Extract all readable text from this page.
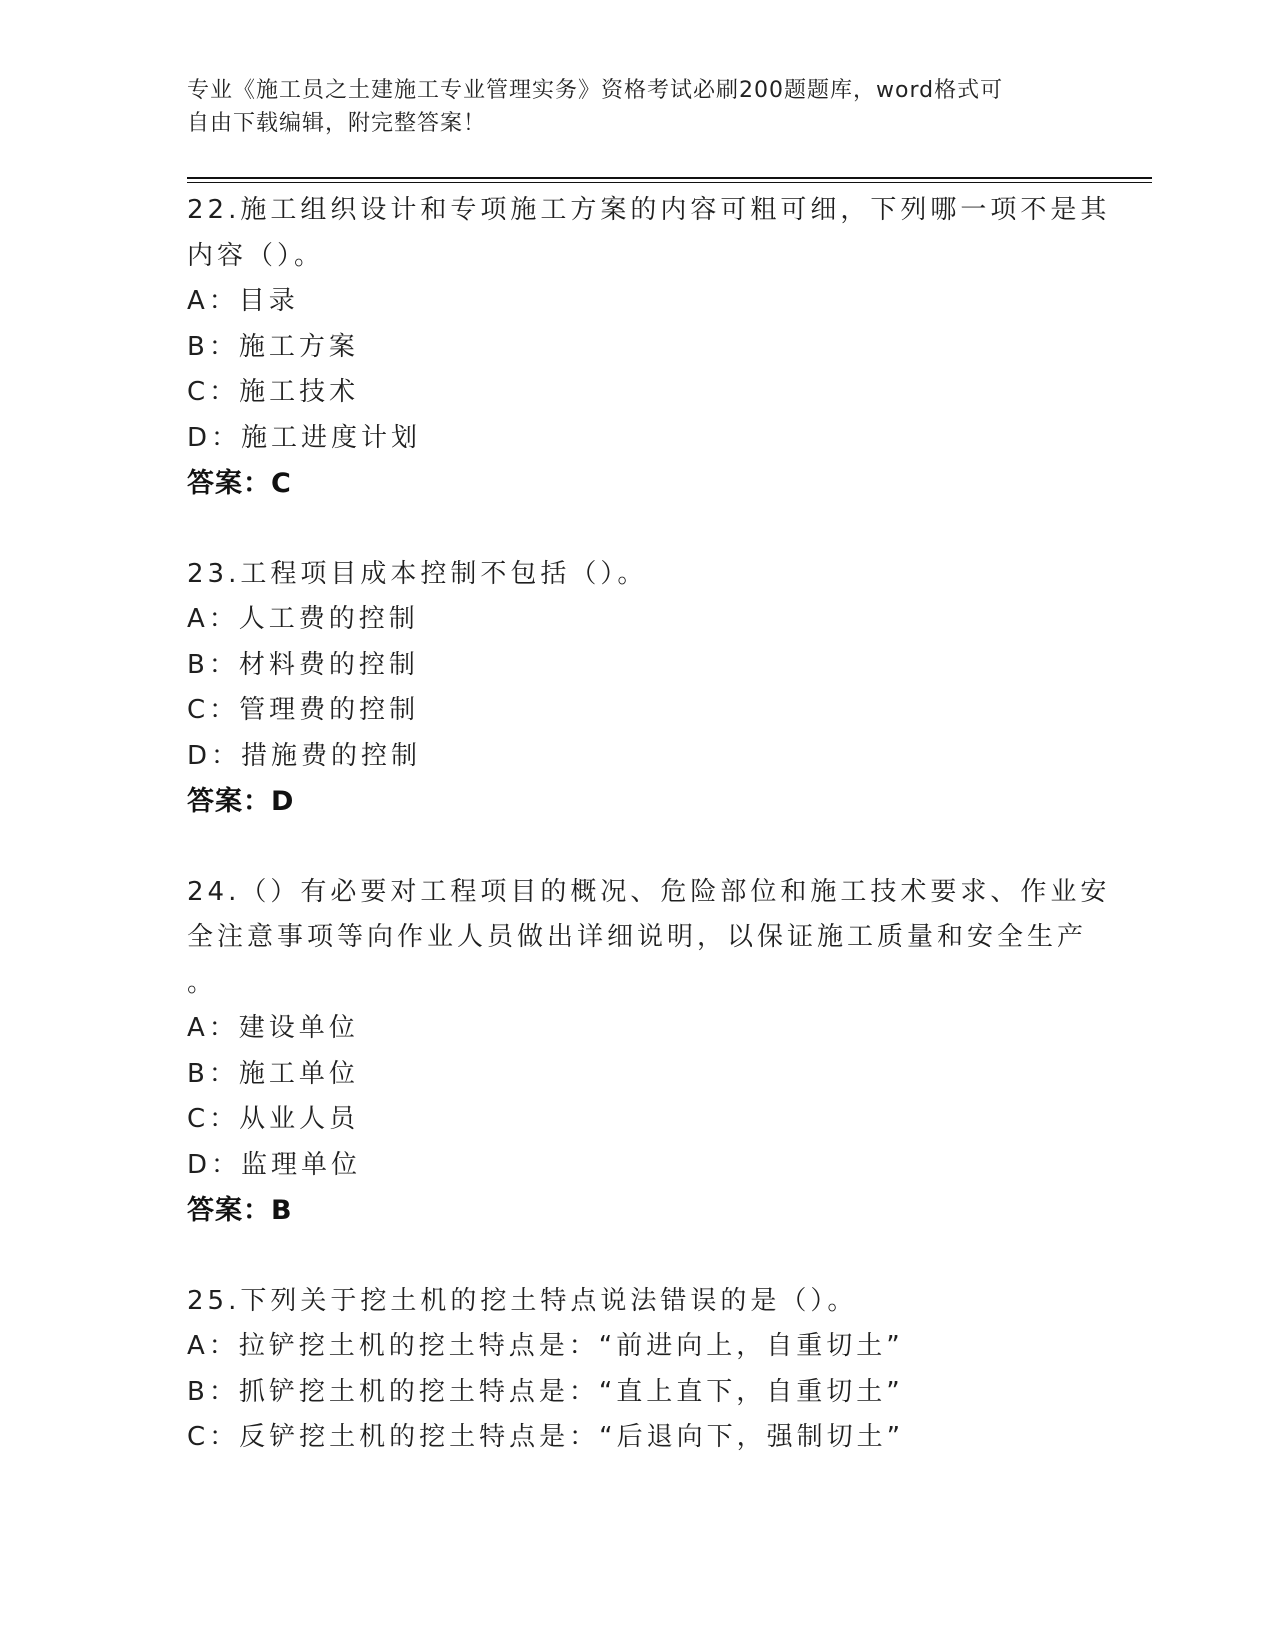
专业《施工员之土建施工专业管理实务》资格考试必刷200题题库，word格式可
自由下载编辑，附完整答案！
22.施工组织设计和专项施工方案的内容可粗可细，下列哪一项不是其
内容（）。
A：目录
B：施工方案
C：施工技术
D：施工进度计划
答案：C
23.工程项目成本控制不包括（）。
A：人工费的控制
B：材料费的控制
C：管理费的控制
D：措施费的控制
答案：D
24.（）有必要对工程项目的概况、危险部位和施工技术要求、作业安
全注意事项等向作业人员做出详细说明，以保证施工质量和安全生产
。
A：建设单位
B：施工单位
C：从业人员
D：监理单位
答案：B
25.下列关于挖土机的挖土特点说法错误的是（）。
A：拉铲挖土机的挖土特点是：“前进向上，自重切土”
B：抓铲挖土机的挖土特点是：“直上直下，自重切土”
C：反铲挖土机的挖土特点是：“后退向下，强制切土”
